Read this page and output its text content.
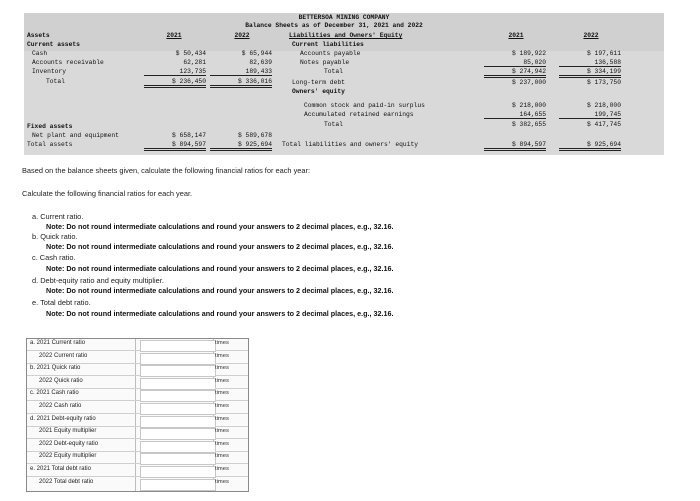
BETTERSOA MINING COMPANY
Balance Sheets as of December 31, 2021 and 2022
Assets	2021	2022	Liabilities and Owners' Equity	2021	2022
Current assets
Cash	$ 50,434	$ 65,944
Accounts receivable	62,281	82,639
Inventory	123,735	189,433
Total	$ 236,450	$ 336,016
Fixed assets
Net plant and equipment	$ 658,147	$ 589,678
Total assets	$ 894,597	$ 925,694
Current liabilities
Accounts payable	$ 189,922	$ 197,611
Notes payable	85,020	136,588
Total	$ 274,942	$ 334,199
Long-term debt	$ 237,000	$ 173,750
Owners' equity
Common stock and paid-in surplus	$ 218,000	$ 218,000
Accumulated retained earnings	164,655	199,745
Total	$ 382,655	$ 417,745
Total liabilities and owners' equity	$ 894,597	$ 925,694
Based on the balance sheets given, calculate the following financial ratios for each year:
Calculate the following financial ratios for each year.
a. Current ratio.
Note: Do not round intermediate calculations and round your answers to 2 decimal places, e.g., 32.16.
b. Quick ratio.
Note: Do not round intermediate calculations and round your answers to 2 decimal places, e.g., 32.16.
c. Cash ratio.
Note: Do not round intermediate calculations and round your answers to 2 decimal places, e.g., 32.16.
d. Debt-equity ratio and equity multiplier.
Note: Do not round intermediate calculations and round your answers to 2 decimal places, e.g., 32.16.
e. Total debt ratio.
Note: Do not round intermediate calculations and round your answers to 2 decimal places, e.g., 32.16.
a. 2021 Current ratio	times
2022 Current ratio	times
b. 2021 Quick ratio	times
2022 Quick ratio	times
c. 2021 Cash ratio	times
2022 Cash ratio	times
d. 2021 Debt-equity ratio	times
2021 Equity multiplier	times
2022 Debt-equity ratio	times
2022 Equity multiplier	times
e. 2021 Total debt ratio	times
2022 Total debt ratio	times
